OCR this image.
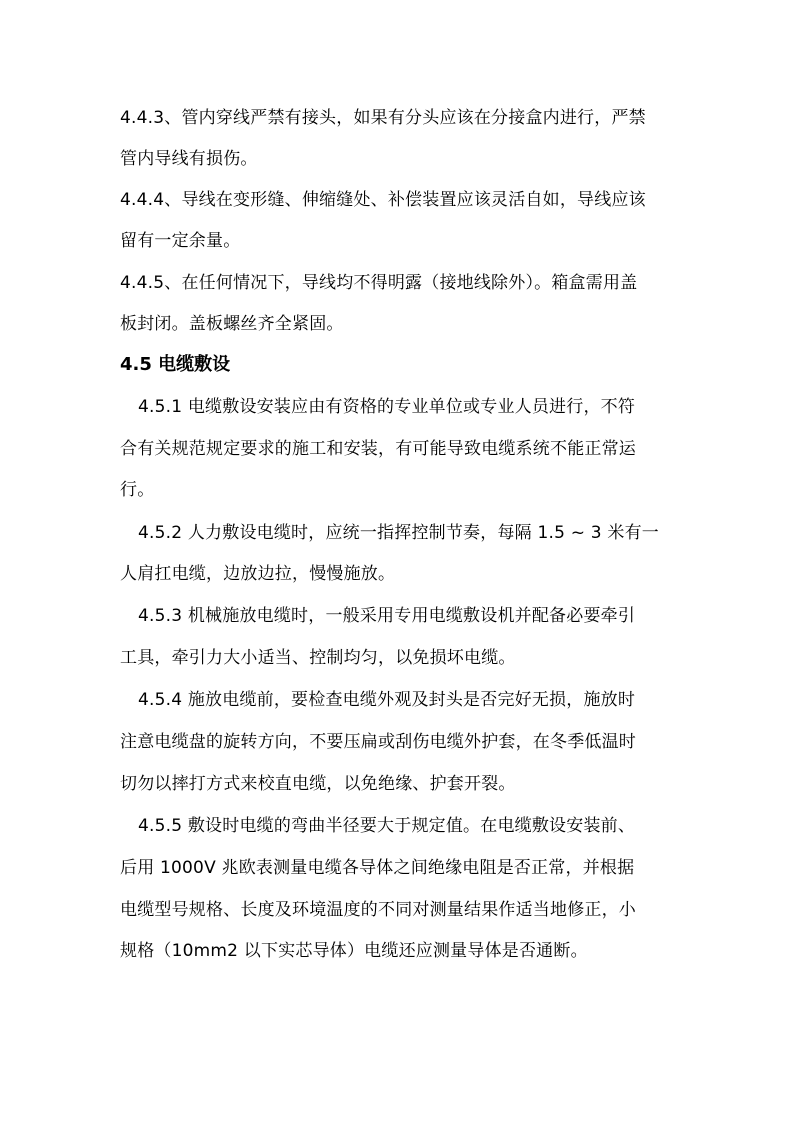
4.4.3、管内穿线严禁有接头，如果有分头应该在分接盒内进行，严禁
管内导线有损伤。
4.4.4、导线在变形缝、伸缩缝处、补偿装置应该灵活自如，导线应该
留有一定余量。
4.4.5、在任何情况下，导线均不得明露（接地线除外）。箱盒需用盖
板封闭。盖板螺丝齐全紧固。
4.5 电缆敷设
4.5.1 电缆敷设安装应由有资格的专业单位或专业人员进行，不符
合有关规范规定要求的施工和安装，有可能导致电缆系统不能正常运
行。
4.5.2 人力敷设电缆时，应统一指挥控制节奏，每隔 1.5 ~ 3 米有一
人肩扛电缆，边放边拉，慢慢施放。
4.5.3 机械施放电缆时，一般采用专用电缆敷设机并配备必要牵引
工具，牵引力大小适当、控制均匀，以免损坏电缆。
4.5.4 施放电缆前，要检查电缆外观及封头是否完好无损，施放时
注意电缆盘的旋转方向，不要压扁或刮伤电缆外护套，在冬季低温时
切勿以摔打方式来校直电缆，以免绝缘、护套开裂。
4.5.5 敷设时电缆的弯曲半径要大于规定值。在电缆敷设安装前、
后用 1000V 兆欧表测量电缆各导体之间绝缘电阻是否正常，并根据
电缆型号规格、长度及环境温度的不同对测量结果作适当地修正，小
规格（10mm2 以下实芯导体）电缆还应测量导体是否通断。
